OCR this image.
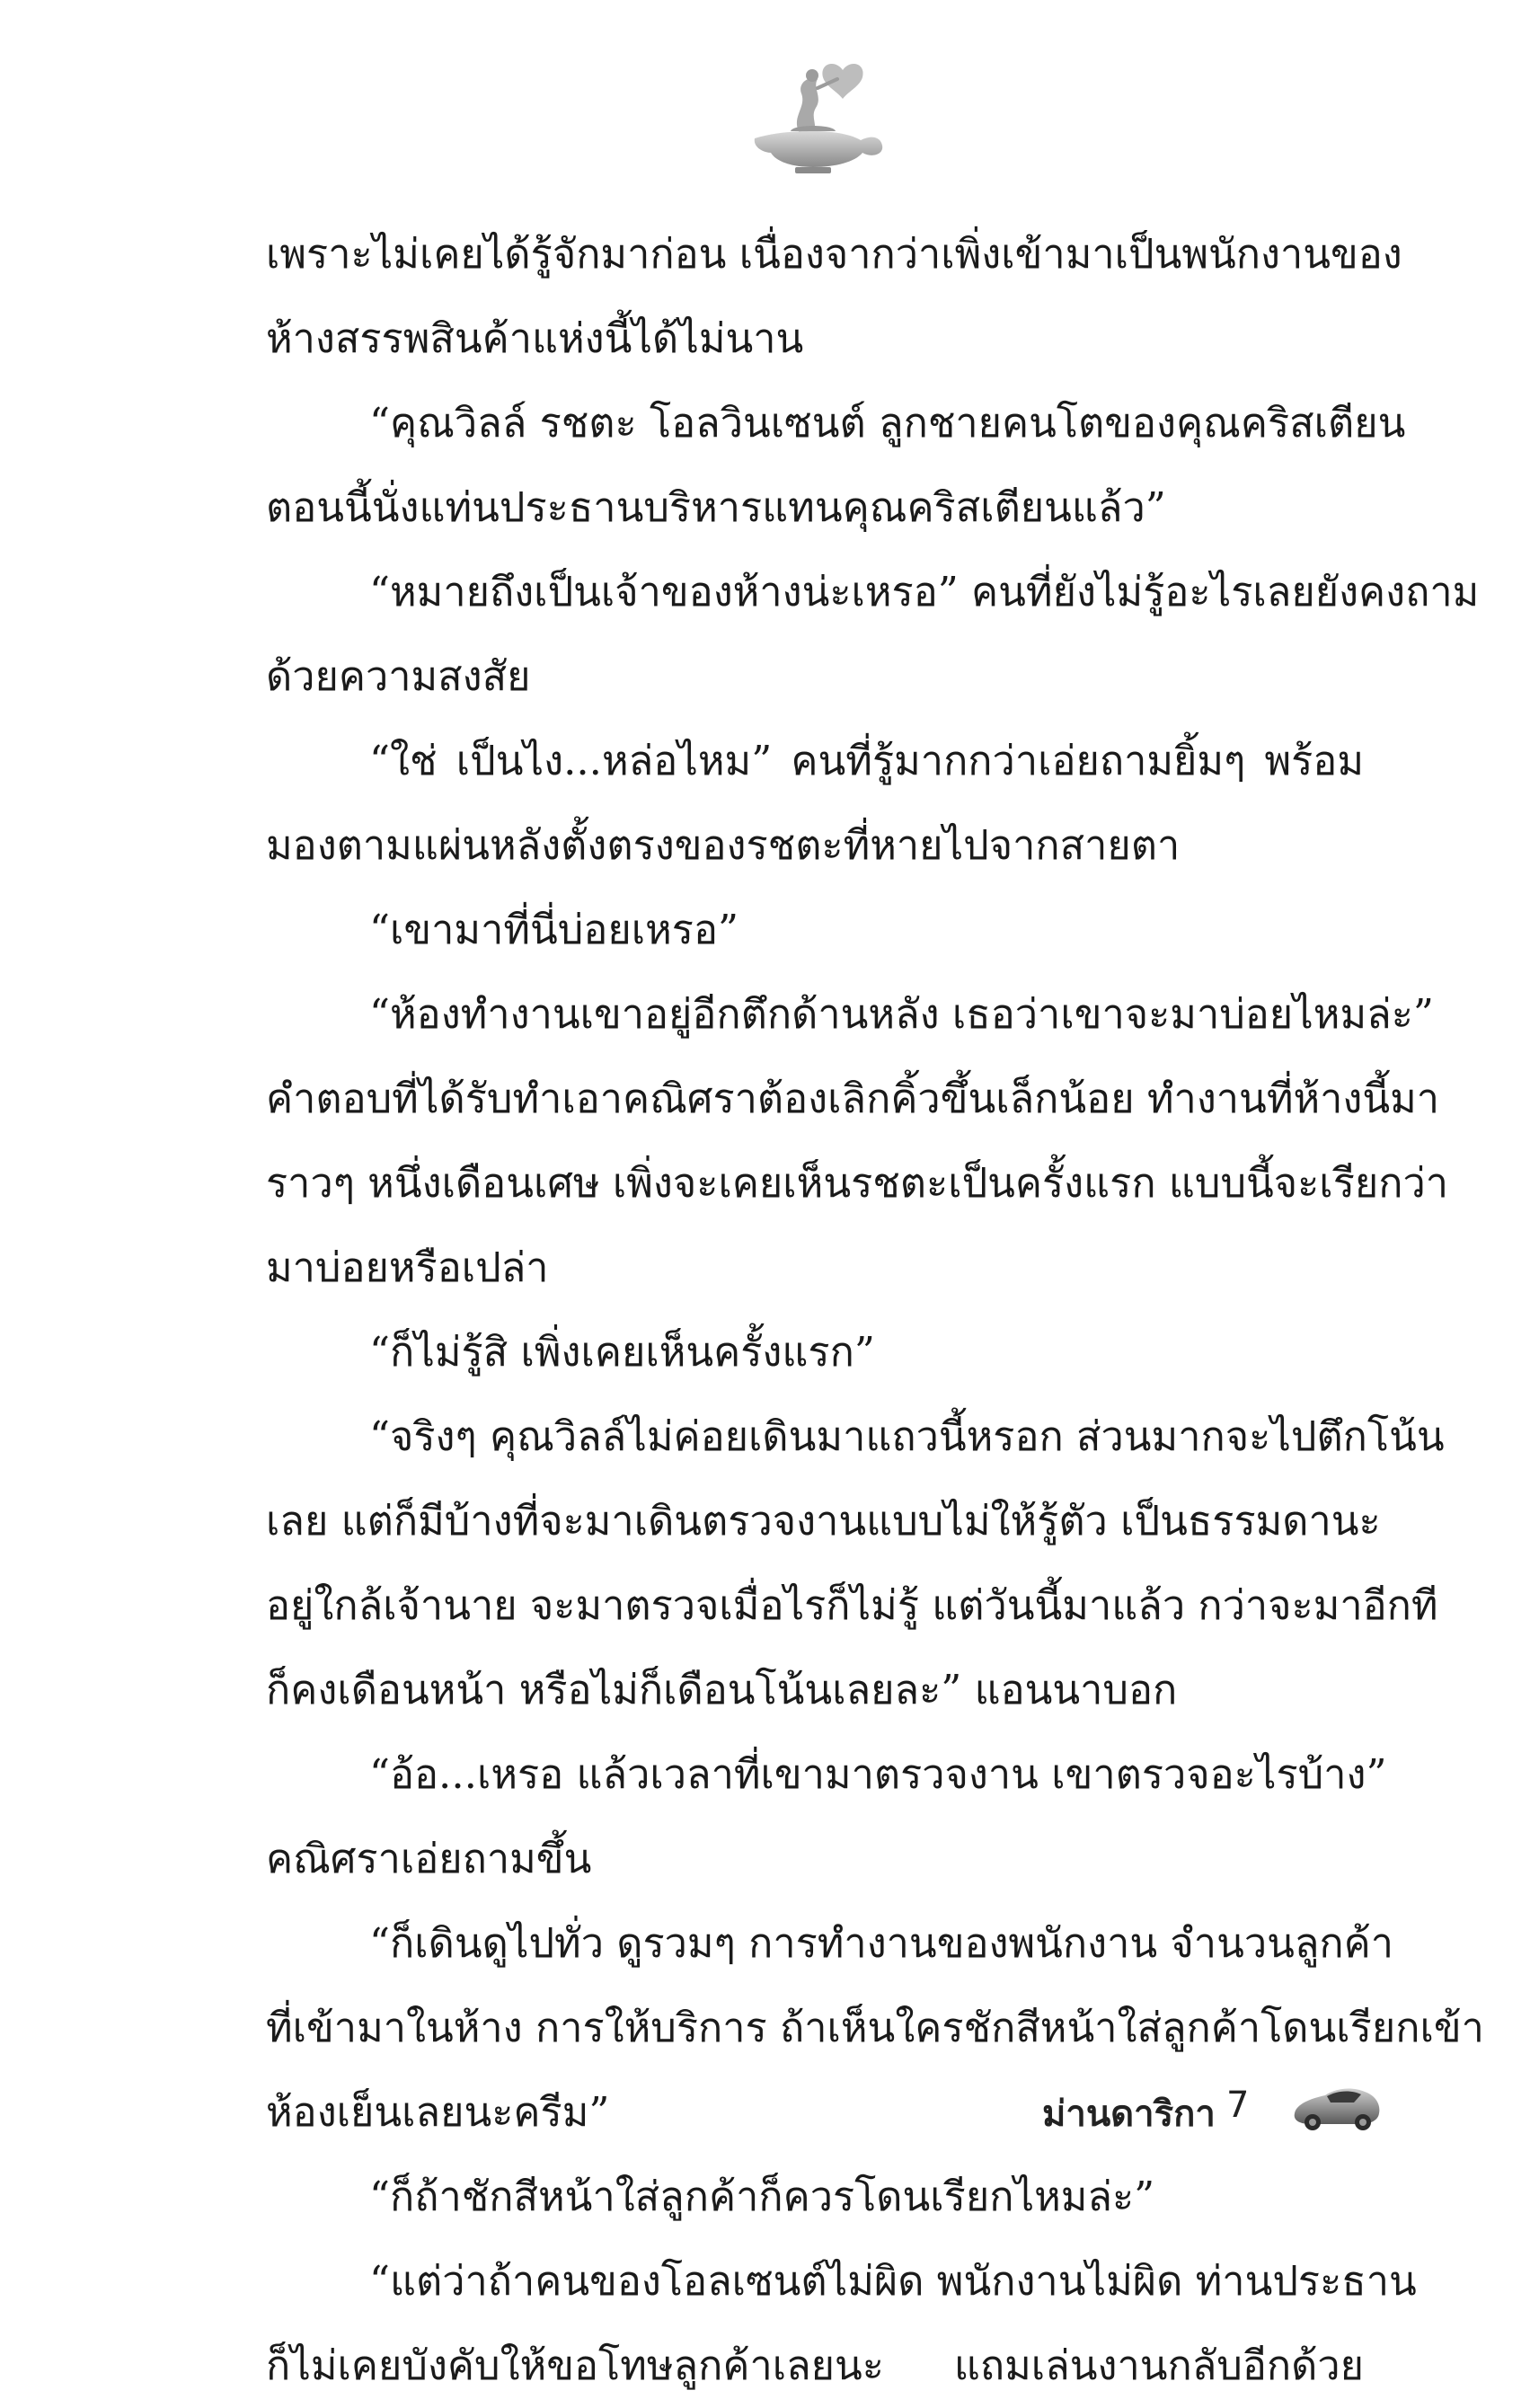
เพราะไม่เคยได้รู้จักมาก่อน เนื่องจากว่าเพิ่งเข้ามาเป็นพนักงานของ
ห้างสรรพสินค้าแห่งนี้ได้ไม่นาน
“คุณวิลล์ รชตะ โอลวินเซนต์ ลูกชายคนโตของคุณคริสเตียน
ตอนนี้นั่งแท่นประธานบริหารแทนคุณคริสเตียนแล้ว”
“หมายถึงเป็นเจ้าของห้างน่ะเหรอ” คนที่ยังไม่รู้อะไรเลยยังคงถาม
ด้วยความสงสัย
“ใช่ เป็นไง...หล่อไหม” คนที่รู้มากกว่าเอ่ยถามยิ้มๆ พร้อม
มองตามแผ่นหลังตั้งตรงของรชตะที่หายไปจากสายตา
“เขามาที่นี่บ่อยเหรอ”
“ห้องทำงานเขาอยู่อีกตึกด้านหลัง เธอว่าเขาจะมาบ่อยไหมล่ะ”
คำตอบที่ได้รับทำเอาคณิศราต้องเลิกคิ้วขึ้นเล็กน้อย ทำงานที่ห้างนี้มา
ราวๆ หนึ่งเดือนเศษ เพิ่งจะเคยเห็นรชตะเป็นครั้งแรก แบบนี้จะเรียกว่า
มาบ่อยหรือเปล่า
“ก็ไม่รู้สิ เพิ่งเคยเห็นครั้งแรก”
“จริงๆ คุณวิลล์ไม่ค่อยเดินมาแถวนี้หรอก ส่วนมากจะไปตึกโน้น
เลย แต่ก็มีบ้างที่จะมาเดินตรวจงานแบบไม่ให้รู้ตัว เป็นธรรมดานะ
อยู่ใกล้เจ้านาย จะมาตรวจเมื่อไรก็ไม่รู้ แต่วันนี้มาแล้ว กว่าจะมาอีกที
ก็คงเดือนหน้า หรือไม่ก็เดือนโน้นเลยละ” แอนนาบอก
“อ้อ...เหรอ แล้วเวลาที่เขามาตรวจงาน เขาตรวจอะไรบ้าง”
คณิศราเอ่ยถามขึ้น
“ก็เดินดูไปทั่ว ดูรวมๆ การทำงานของพนักงาน จำนวนลูกค้า
ที่เข้ามาในห้าง การให้บริการ ถ้าเห็นใครชักสีหน้าใส่ลูกค้าโดนเรียกเข้า
ห้องเย็นเลยนะครีม”
“ก็ถ้าชักสีหน้าใส่ลูกค้าก็ควรโดนเรียกไหมล่ะ”
“แต่ว่าถ้าคนของโอลเซนต์ไม่ผิด พนักงานไม่ผิด ท่านประธาน
ก็ไม่เคยบังคับให้ขอโทษลูกค้าเลยนะ แถมเล่นงานกลับอีกด้วย
ม่านดาริกา 7
